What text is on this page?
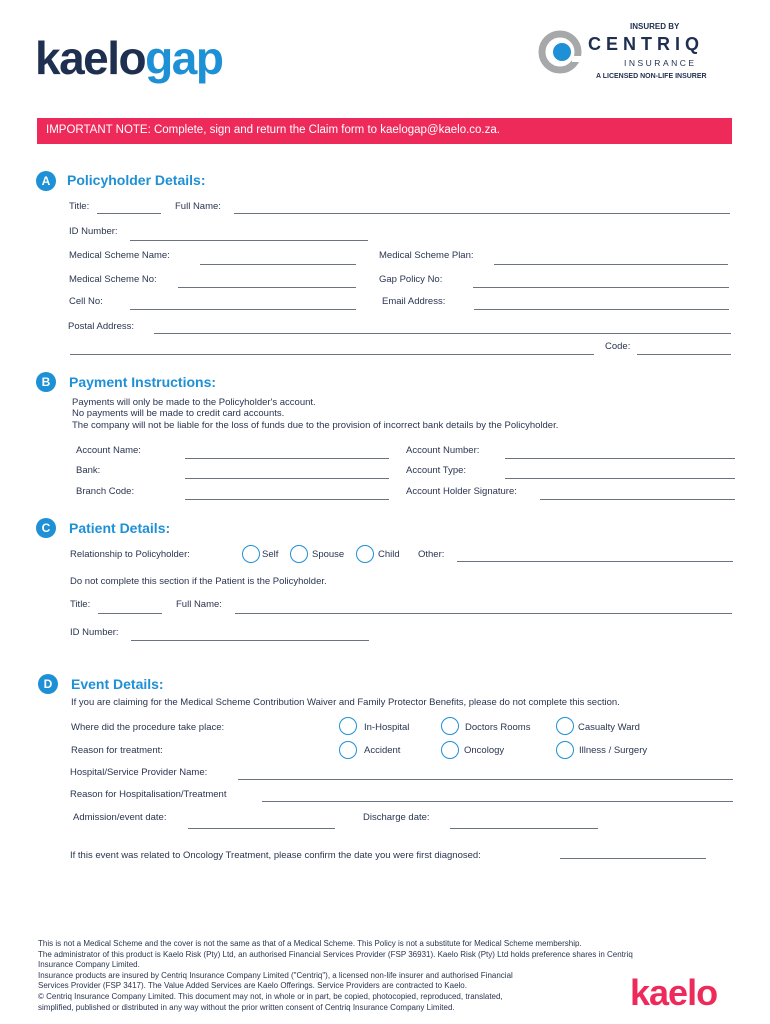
kaelogap
INSURED BY
CENTRIQ
INSURANCE
A LICENSED NON-LIFE INSURER
IMPORTANT NOTE: Complete, sign and return the Claim form to kaelogap@kaelo.co.za.
A	Policyholder Details:
Title:	Full Name:
ID Number:
Medical Scheme Name:	Medical Scheme Plan:
Medical Scheme No:	Gap Policy No:
Cell No:	Email Address:
Postal Address:
Code:
B	Payment Instructions:
Payments will only be made to the Policyholder's account.
No payments will be made to credit card accounts.
The company will not be liable for the loss of funds due to the provision of incorrect bank details by the Policyholder.
Account Name:	Account Number:
Bank:	Account Type:
Branch Code:	Account Holder Signature:
C	Patient Details:
Relationship to Policyholder:	Self	Spouse	Child Other:
Do not complete this section if the Patient is the Policyholder.
Title:	Full Name:
ID Number:
D	Event Details:
If you are claiming for the Medical Scheme Contribution Waiver and Family Protector Benefits, please do not complete this section.
Where did the procedure take place:	In-Hospital	Doctors Rooms	Casualty Ward
Reason for treatment:	Accident	Oncology	Illness / Surgery
Hospital/Service Provider Name:
Reason for Hospitalisation/Treatment
Admission/event date:	Discharge date:
If this event was related to Oncology Treatment, please confirm the date you were first diagnosed:
This is not a Medical Scheme and the cover is not the same as that of a Medical Scheme. This Policy is not a substitute for Medical Scheme membership.
The administrator of this product is Kaelo Risk (Pty) Ltd, an authorised Financial Services Provider (FSP 36931). Kaelo Risk (Pty) Ltd holds preference shares in Centriq
Insurance Company Limited.
Insurance products are insured by Centriq Insurance Company Limited ("Centriq"), a licensed non-life insurer and authorised Financial
Services Provider (FSP 3417). The Value Added Services are Kaelo Offerings. Service Providers are contracted to Kaelo.
© Centriq Insurance Company Limited. This document may not, in whole or in part, be copied, photocopied, reproduced, translated,
simplified, published or distributed in any way without the prior written consent of Centriq Insurance Company Limited.	kaelo
